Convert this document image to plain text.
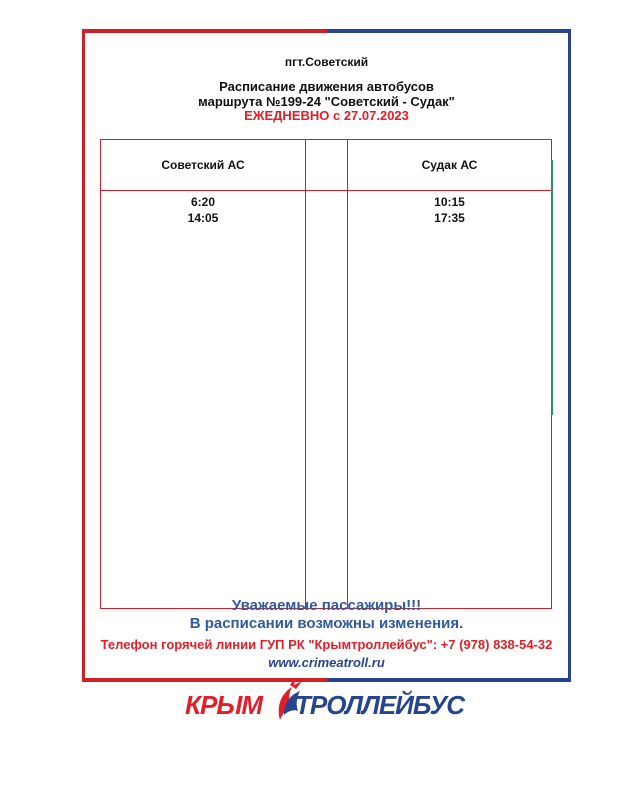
пгт.Советский
Расписание движения автобусов
маршрута №199-24 "Советский - Судак"
ЕЖЕДНЕВНО с 27.07.2023
Советский АС
6:20
14:05
Судак АС
10:15
17:35
Уважаемые пассажиры!!!
В расписании возможны изменения.
Телефон горячей линии ГУП РК "Крымтроллейбус": +7 (978) 838-54-32
www.crimeatroll.ru
КРЫМ ТРОЛЛЕЙБУС
